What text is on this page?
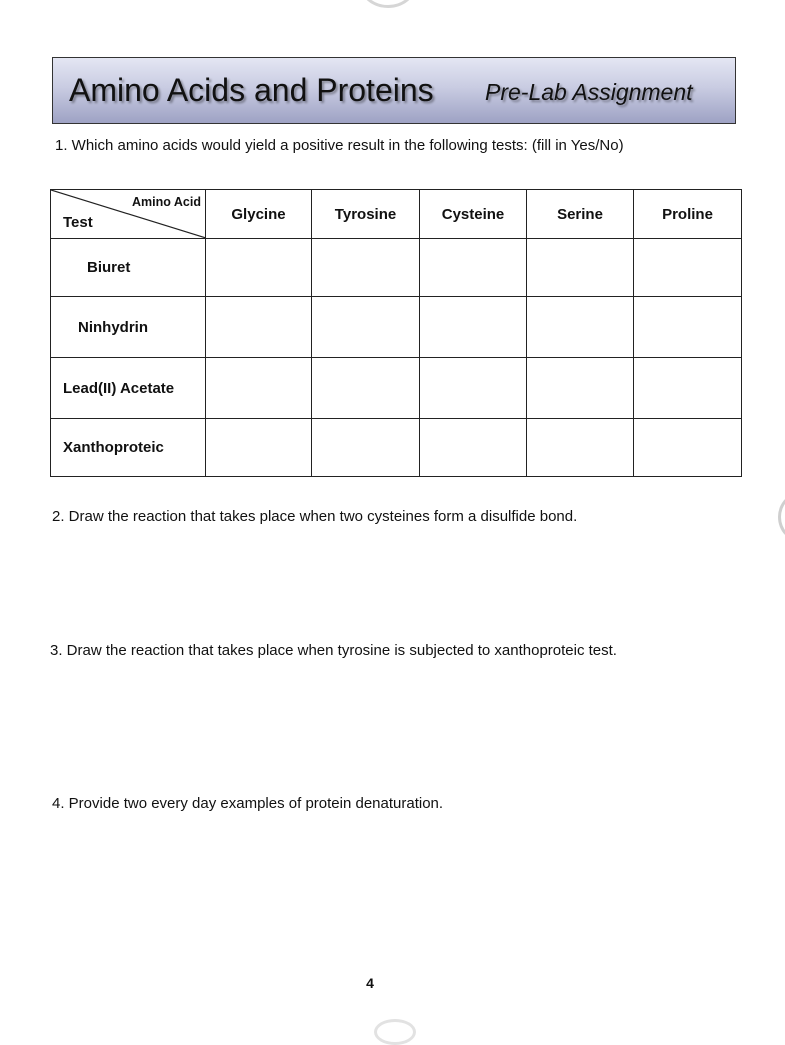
Amino Acids and Proteins Pre-Lab Assignment
1. Which amino acids would yield a positive result in the following tests: (fill in Yes/No)
Amino Acid
Test	Glycine	Tyrosine	Cysteine	Serine	Proline
Biuret					
Ninhydrin					
Lead(II) Acetate					
Xanthoproteic					
2. Draw the reaction that takes place when two cysteines form a disulfide bond.
3. Draw the reaction that takes place when tyrosine is subjected to xanthoproteic test.
4. Provide two every day examples of protein denaturation.
4
